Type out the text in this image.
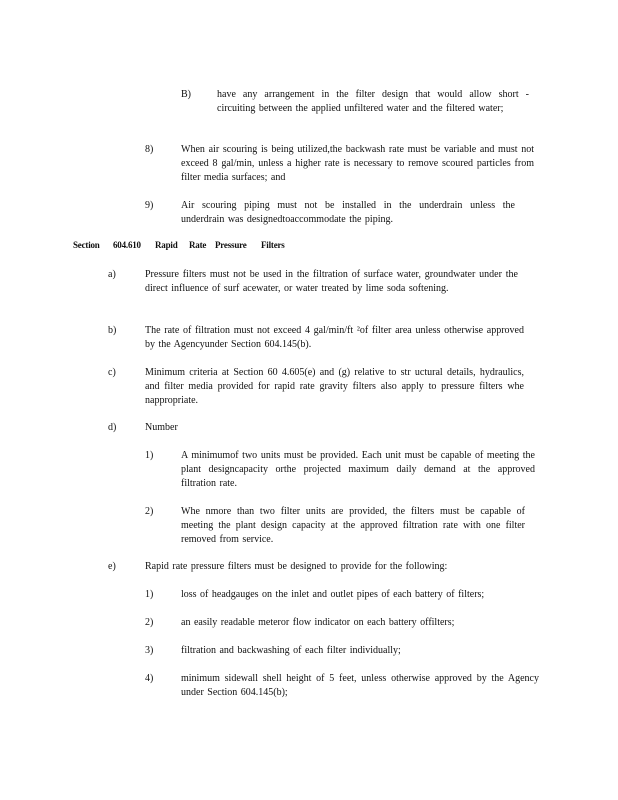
B)	have any arrangement in the filter design that would allow short - circuiting between the applied unfiltered water and the filtered water;
8)	When air scouring is being utilized,the backwash rate must be variable and must not exceed 8 gal/min, unless a higher rate is necessary to remove scoured particles from filter media surfaces; and
9)	Air scouring piping must not be installed in the underdrain unless the underdrain was designedtoaccommodate the piping.
Section	604.610	Rapid	Rate Pressure	Filters
a)	Pressure filters must not be used in the filtration of surface water, groundwater under the direct influence of surf acewater, or water treated by lime soda softening.
b)	The rate of filtration must not exceed 4 gal/min/ft ²of filter area unless otherwise approved by the Agencyunder Section 604.145(b).
c)	Minimum criteria at Section 60 4.605(e) and (g) relative to str uctural details, hydraulics, and filter media provided for rapid rate gravity filters also apply to pressure filters whe nappropriate.
d)	Number
1)	A minimumof two units must be provided. Each unit must be capable of meeting the plant designcapacity orthe projected maximum daily demand at the approved filtration rate.
2)	Whe nmore than two filter units are provided, the filters must be capable of meeting the plant design capacity at the approved filtration rate with one filter removed from service.
e)	Rapid rate pressure filters must be designed to provide for the following:
1)	loss of headgauges on the inlet and outlet pipes of each battery of filters;
2)	an easily readable meteror flow indicator on each battery offilters;
3)	filtration and backwashing of each filter individually;
4)	minimum sidewall shell height of 5 feet, unless otherwise approved by the Agency under Section 604.145(b);
